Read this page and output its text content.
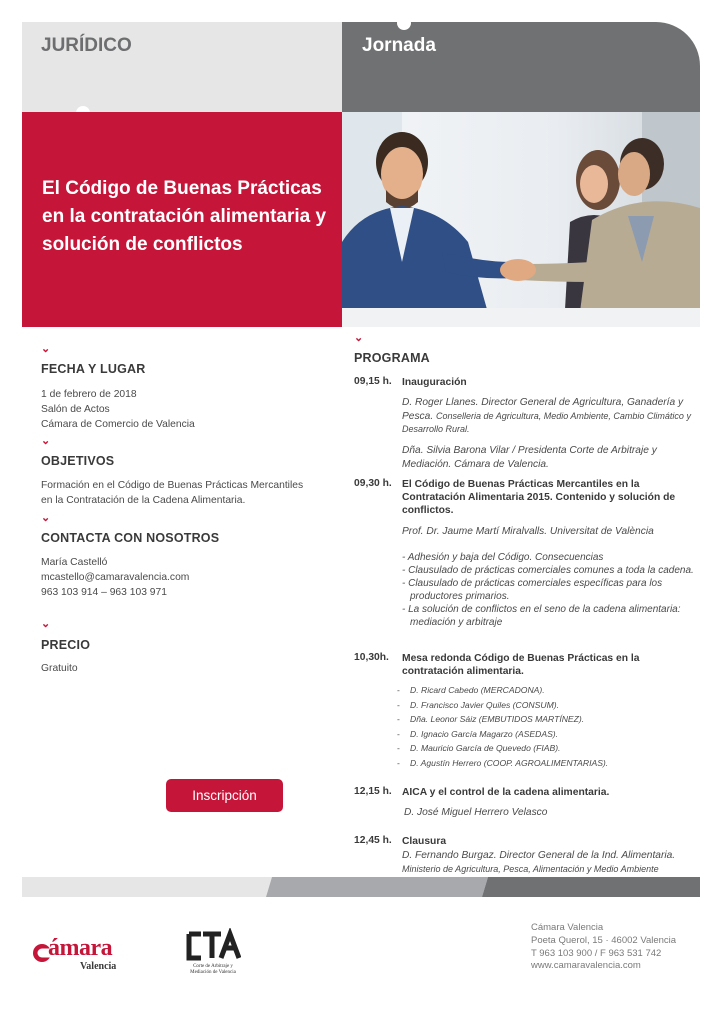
JURÍDICO	Jornada
El Código de Buenas Prácticas en la contratación alimentaria y solución de conflictos
⌄
FECHA Y LUGAR
1 de febrero de 2018
Salón de Actos
Cámara de Comercio de Valencia
⌄
OBJETIVOS
Formación en el Código de Buenas Prácticas Mercantiles
en la Contratación de la Cadena Alimentaria.
⌄
CONTACTA CON NOSOTROS
María Castelló
mcastello@camaravalencia.com
963 103 914 – 963 103 971
⌄
PRECIO
Gratuito
Inscripción
⌄
PROGRAMA
09,15 h. Inauguración
D. Roger Llanes. Director General de Agricultura, Ganadería y Pesca. Conselleria de Agricultura, Medio Ambiente, Cambio Climático y Desarrollo Rural.
Dña. Silvia Barona Vilar / Presidenta Corte de Arbitraje y Mediación. Cámara de Valencia.
09,30 h. El Código de Buenas Prácticas Mercantiles en la Contratación Alimentaria 2015. Contenido y solución de conflictos.
Prof. Dr. Jaume Martí Miralvalls. Universitat de València
- Adhesión y baja del Código. Consecuencias
- Clausulado de prácticas comerciales comunes a toda la cadena.
- Clausulado de prácticas comerciales específicas para los productores primarios.
- La solución de conflictos en el seno de la cadena alimentaria: mediación y arbitraje
10,30h. Mesa redonda Código de Buenas Prácticas en la contratación alimentaria.
-	D. Ricard Cabedo (MERCADONA).
-	D. Francisco Javier Quiles (CONSUM).
-	Dña. Leonor Sáiz (EMBUTIDOS MARTÍNEZ).
-	D. Ignacio García Magarzo (ASEDAS).
-	D. Mauricio García de Quevedo (FIAB).
-	D. Agustín Herrero (COOP. AGROALIMENTARIAS).
12,15 h. AICA y el control de la cadena alimentaria.
D. José Miguel Herrero Velasco
12,45 h. Clausura
D. Fernando Burgaz. Director General de la Ind. Alimentaria.
Ministerio de Agricultura, Pesca, Alimentación y Medio Ambiente
ámara
Valencia	Corte de Arbitraje y
Mediación de Valencia
Cámara Valencia
Poeta Querol, 15 · 46002 Valencia
T 963 103 900 / F 963 531 742
www.camaravalencia.com
